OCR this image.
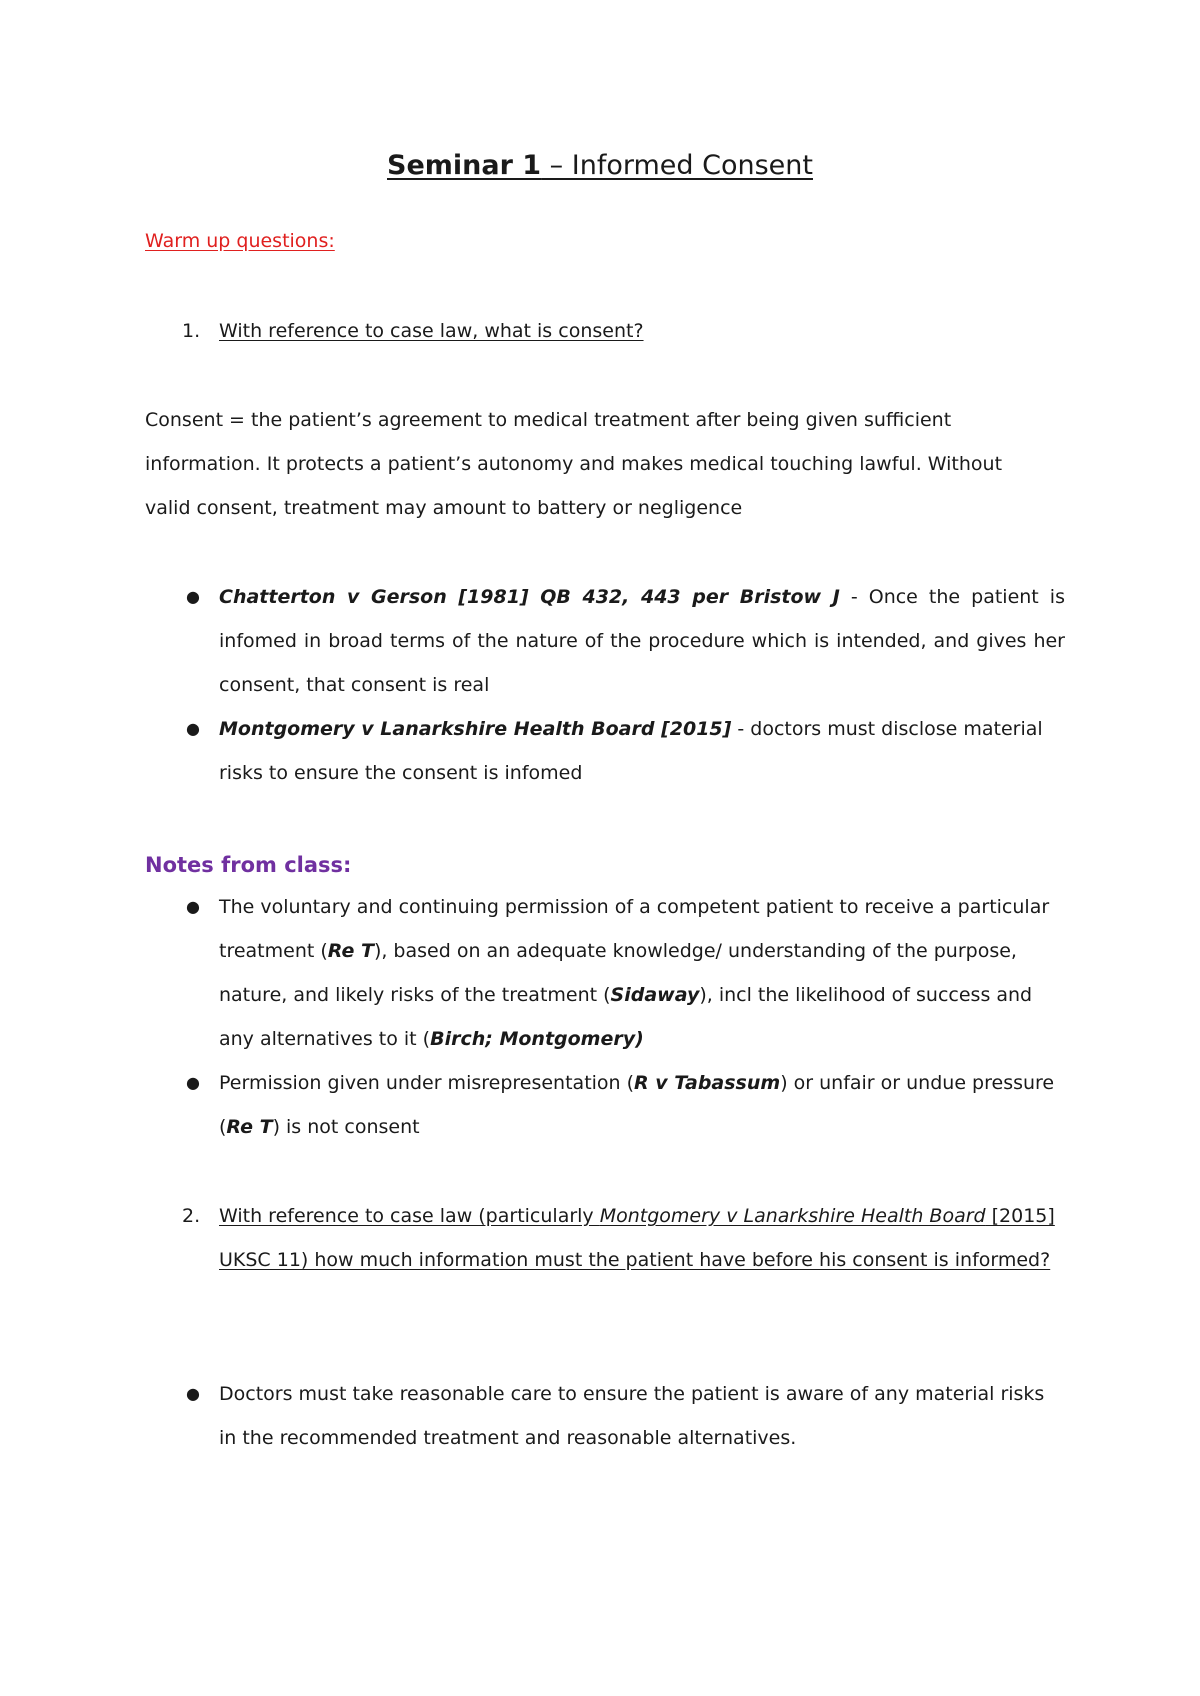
Seminar 1 – Informed Consent
Warm up questions:
1. With reference to case law, what is consent?
Consent = the patient’s agreement to medical treatment after being given sufficient
information. It protects a patient’s autonomy and makes medical touching lawful. Without
valid consent, treatment may amount to battery or negligence
● Chatterton v Gerson [1981] QB 432, 443 per Bristow J - Once the patient is infomed in broad terms of the nature of the procedure which is intended, and gives her consent, that consent is real
● Montgomery v Lanarkshire Health Board [2015] - doctors must disclose material risks to ensure the consent is infomed
Notes from class:
● The voluntary and continuing permission of a competent patient to receive a particular treatment (Re T), based on an adequate knowledge/ understanding of the purpose, nature, and likely risks of the treatment (Sidaway), incl the likelihood of success and any alternatives to it (Birch; Montgomery)
● Permission given under misrepresentation (R v Tabassum) or unfair or undue pressure (Re T) is not consent
2. With reference to case law (particularly Montgomery v Lanarkshire Health Board [2015] UKSC 11) how much information must the patient have before his consent is informed?
● Doctors must take reasonable care to ensure the patient is aware of any material risks in the recommended treatment and reasonable alternatives.
